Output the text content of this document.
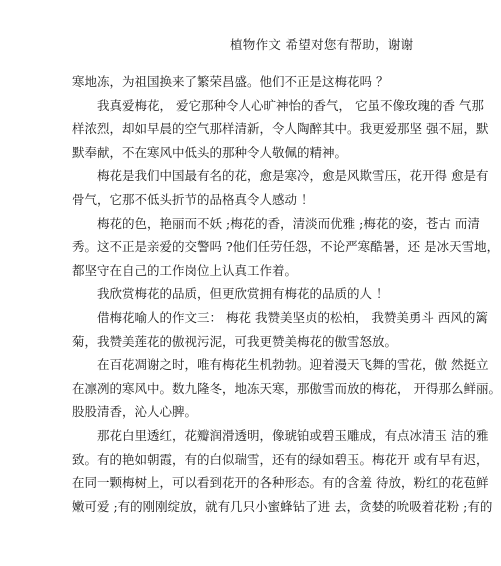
植物作文 希望对您有帮助，谢谢
寒地冻，为祖国换来了繁荣昌盛。他们不正是这梅花吗 ？
我真爱梅花， 爱它那种令人心旷神怡的香气， 它虽不像玫瑰的香 气那
样浓烈，却如早晨的空气那样清新，令人陶醉其中。我更爱那坚 强不屈，默
默奉献，不在寒风中低头的那种令人敬佩的精神。
梅花是我们中国最有名的花，愈是寒冷，愈是风欺雪压，花开得 愈是有
骨气，它那不低头折节的品格真令人感动 ！
梅花的色，艳丽而不妖 ;梅花的香，清淡而优雅 ;梅花的姿，苍古 而清
秀。这不正是亲爱的交警吗 ?他们任劳任怨，不论严寒酷暑，还 是冰天雪地，
都坚守在自己的工作岗位上认真工作着。
我欣赏梅花的品质，但更欣赏拥有梅花的品质的人 ！
借梅花喻人的作文三： 梅花 我赞美坚贞的松柏， 我赞美勇斗 西风的篱
菊，我赞美莲花的傲视污泥，可我更赞美梅花的傲雪怒放。
在百花凋谢之时，唯有梅花生机勃勃。迎着漫天飞舞的雪花，傲 然挺立
在凛冽的寒风中。数九隆冬，地冻天寒，那傲雪而放的梅花， 开得那么鲜丽。
股股清香，沁人心脾。
那花白里透红，花瓣润滑透明，像琥铂或碧玉雕成，有点冰清玉 洁的雅
致。有的艳如朝霞，有的白似瑞雪，还有的绿如碧玉。梅花开 或有早有迟，
在同一颗梅树上，可以看到花开的各种形态。有的含羞 待放，粉红的花苞鲜
嫩可爱 ;有的刚刚绽放，就有几只小蜜蜂钻了进 去，贪婪的吮吸着花粉 ;有的
